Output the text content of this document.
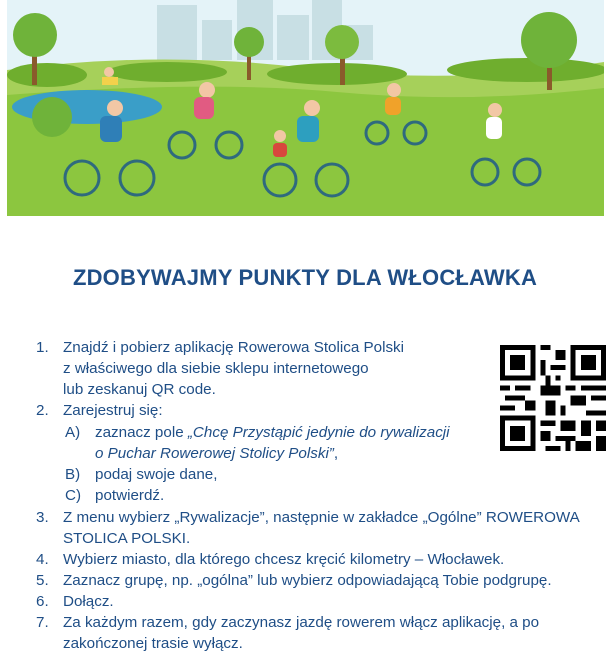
ZDOBYWAJMY PUNKTY DLA WŁOCŁAWKA
1. Znajdź i pobierz aplikację Rowerowa Stolica Polski
z właściwego dla siebie sklepu internetowego
lub zeskanuj QR code.
2. Zarejestruj się:
A) zaznacz pole „Chcę Przystąpić jedynie do rywalizacji
o Puchar Rowerowej Stolicy Polski”,
B) podaj swoje dane,
C) potwierdź.
3. Z menu wybierz „Rywalizacje”, następnie w zakładce „Ogólne” ROWEROWA
STOLICA POLSKI.
4. Wybierz miasto, dla którego chcesz kręcić kilometry – Włocławek.
5. Zaznacz grupę, np. „ogólna” lub wybierz odpowiadającą Tobie podgrupę.
6. Dołącz.
7. Za każdym razem, gdy zaczynasz jazdę rowerem włącz aplikację, a po
zakończonej trasie wyłącz.
